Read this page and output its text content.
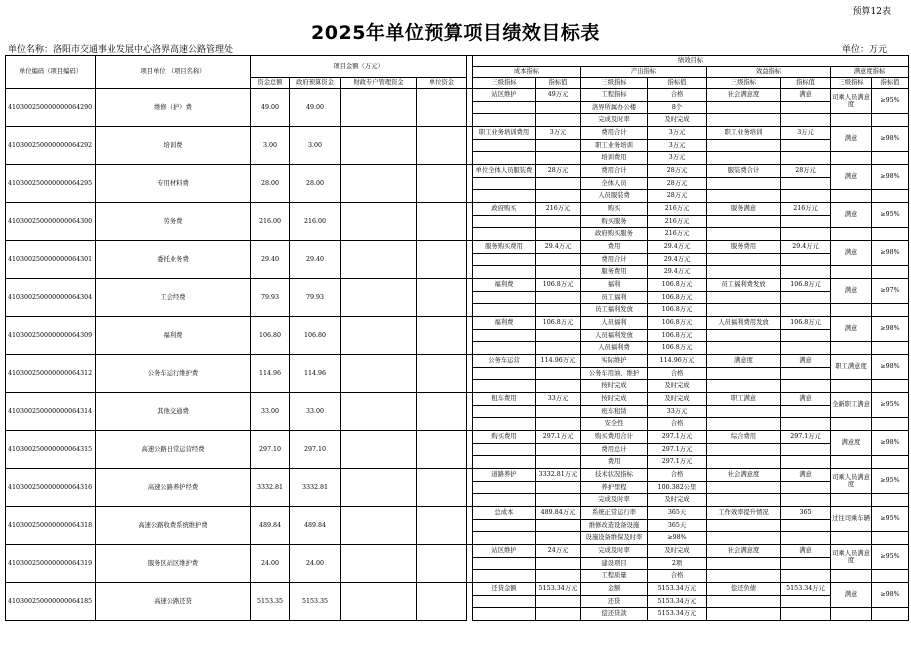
预算12表
2025年单位预算项目绩效目标表
单位名称：洛阳市交通事业发展中心洛界高速公路管理处	单位：万元
单位编码（项目编码）	项目单位 （项目名称）	项目金额（万元）					绩效目标							
							成本指标		产出指标		效益指标		满意度指标	
		资金总额	政府预算资金	财政专户管理资金	单位资金		三级指标	指标值	三级指标	指标值	三级指标	指标值	三级指标	指标值
410300250000000064290	维修（护）费	49.00	49.00				站区维护	49万元	工程指标	合格	社会满意度	满意	司乘人员满意度	≥95%
									洛界所属办公楼	8个				
									完成及时率	及时完成				
410300250000000064292	培训费	3.00	3.00				职工业务培训费用	3万元	费用合计	3万元	职工业务培训	3万元	满意	≥98%
									职工业务培训	3万元				
									培训费用	3万元				
410300250000000064295	专用材料费	28.00	28.00				单位全体人员服装费	28万元	费用合计	28万元	服装费合计	28万元	满意	≥98%
									全体人员	28万元				
									人员服装费	28万元				
410300250000000064300	劳务费	216.00	216.00				政府购买	216万元	购买	216万元	服务满意	216万元	满意	≥95%
									购买服务	216万元				
									政府购买服务	216万元				
410300250000000064301	委托业务费	29.40	29.40				服务购买费用	29.4万元	费用	29.4万元	服务费用	29.4万元	满意	≥98%
									费用合计	29.4万元				
									服务费用	29.4万元				
410300250000000064304	工会经费	79.93	79.93				福利费	106.8万元	福利	106.8万元	员工福利费发放	106.8万元	满意	≥97%
									员工福利	106.8万元				
									员工福利发放	106.8万元				
410300250000000064309	福利费	106.80	106.80				福利费	106.8万元	人员福利	106.8万元	人员福利费用发放	106.8万元	满意	≥98%
									人员福利发放	106.8万元				
									人员福利费	106.8万元				
410300250000000064312	公务车运行维护费	114.96	114.96				公务车运营	114.96万元	实际维护	114.96万元	满意度	满意	职工满意度	≥98%
									公务车用油、维护	合格				
									按时完成	及时完成				
410300250000000064314	其他交通费	33.00	33.00				租车费用	33万元	按时完成	及时完成	职工满意	满意	全新职工满意	≥95%
									班车租赁	33万元				
									安全性	合格				
410300250000000064315	高速公路日常运营经费	297.10	297.10				购买费用	297.1万元	购买费用合计	297.1万元	综合费用	297.1万元	满意度	≥98%
									费用总计	297.1万元				
									费用	297.1万元				
410300250000000064316	高速公路养护经费	3332.81	3332.81				道路养护	3332.81万元	技术状况指标	合格	社会满意度	满意	司乘人员满意度	≥95%
									养护里程	100.382公里				
									完成及时率	及时完成				
410300250000000064318	高速公路收费系统维护费	489.84	489.84				总成本	489.84万元	系统正常运行率	365天	工作效率提升情况	365	过往司乘车辆	≥95%
									维修改造设备设施	365天				
									设施设备维保及时率	≥98%				
410300250000000064319	服务区站区维护费	24.00	24.00				站区维护	24万元	完成及时率	及时完成	社会满意度	满意	司乘人员满意度	≥95%
									建设项目	2项				
									工程质量	合格				
410300250000000064185	高速公路还贷	5153.35	5153.35				还贷金额	5153.34万元	金额	5153.34万元	偿还负债	5153.34万元	满意	≥98%
									还贷	5153.34万元				
									偿还贷款	5153.34万元				
